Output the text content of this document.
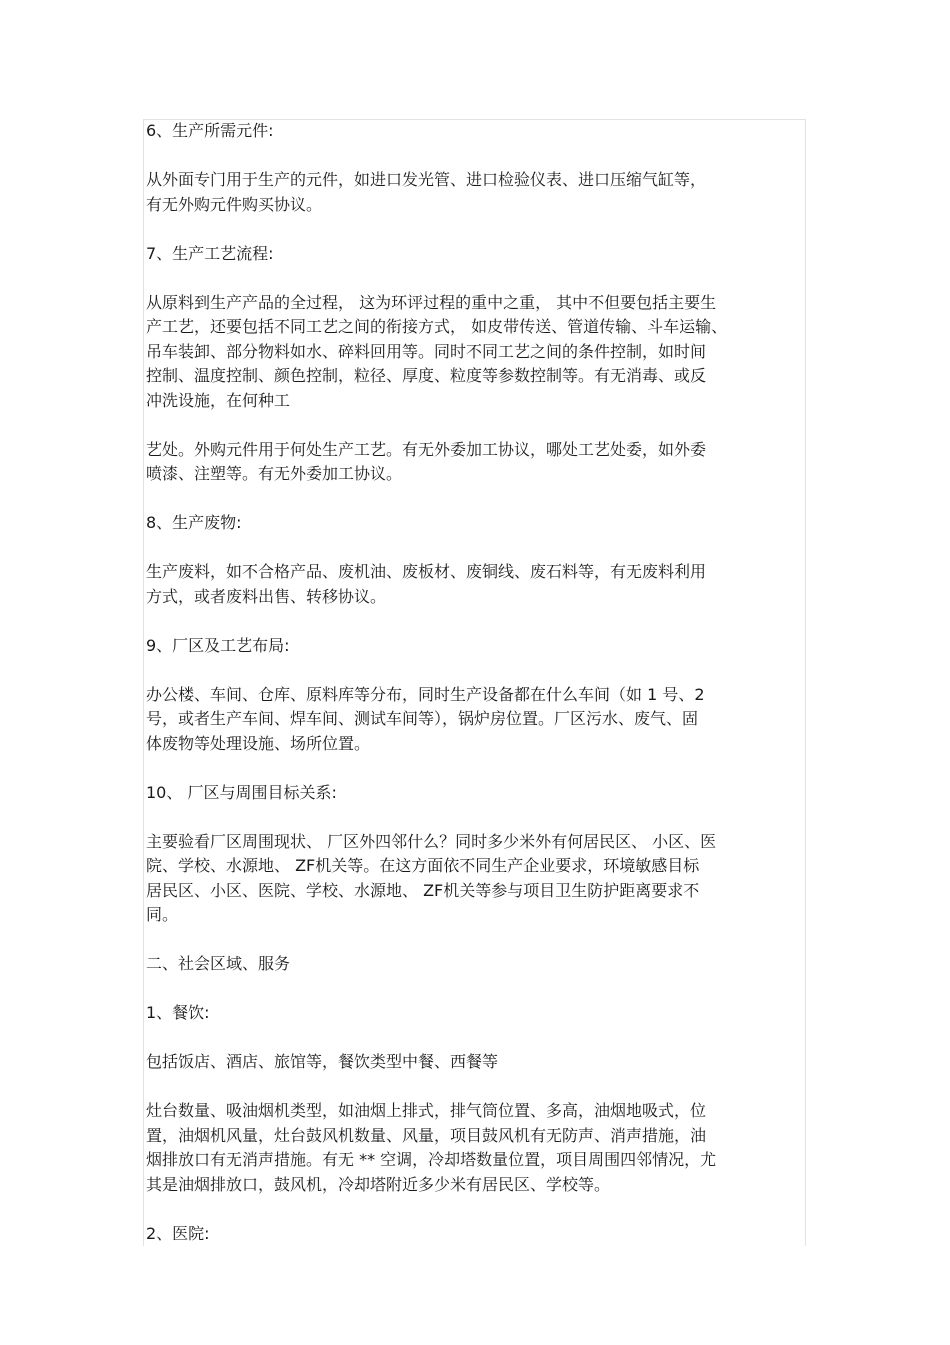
6、生产所需元件:

从外面专门用于生产的元件，如进口发光管、进口检验仪表、进口压缩气缸等，
有无外购元件购买协议。

7、生产工艺流程:

从原料到生产产品的全过程， 这为环评过程的重中之重， 其中不但要包括主要生
产工艺，还要包括不同工艺之间的衔接方式， 如皮带传送、管道传输、斗车运输、
吊车装卸、部分物料如水、碎料回用等。同时不同工艺之间的条件控制，如时间
控制、温度控制、颜色控制，粒径、厚度、粒度等参数控制等。有无消毒、或反
冲洗设施，在何种工

艺处。外购元件用于何处生产工艺。有无外委加工协议，哪处工艺处委，如外委
喷漆、注塑等。有无外委加工协议。

8、生产废物:

生产废料，如不合格产品、废机油、废板材、废铜线、废石料等，有无废料利用
方式，或者废料出售、转移协议。

9、厂区及工艺布局:

办公楼、车间、仓库、原料库等分布，同时生产设备都在什么车间（如 1 号、2
号，或者生产车间、焊车间、测试车间等），锅炉房位置。厂区污水、废气、固
体废物等处理设施、场所位置。

10、 厂区与周围目标关系:

主要验看厂区周围现状、 厂区外四邻什么？同时多少米外有何居民区、 小区、医
院、学校、水源地、 ZF机关等。在这方面依不同生产企业要求，环境敏感目标
居民区、小区、医院、学校、水源地、 ZF机关等参与项目卫生防护距离要求不
同。

二、社会区域、服务

1、餐饮:

包括饭店、酒店、旅馆等，餐饮类型中餐、西餐等

灶台数量、吸油烟机类型，如油烟上排式，排气筒位置、多高，油烟地吸式，位
置，油烟机风量，灶台鼓风机数量、风量，项目鼓风机有无防声、消声措施，油
烟排放口有无消声措施。有无 ** 空调，冷却塔数量位置，项目周围四邻情况，尤
其是油烟排放口，鼓风机，冷却塔附近多少米有居民区、学校等。

2、医院:
